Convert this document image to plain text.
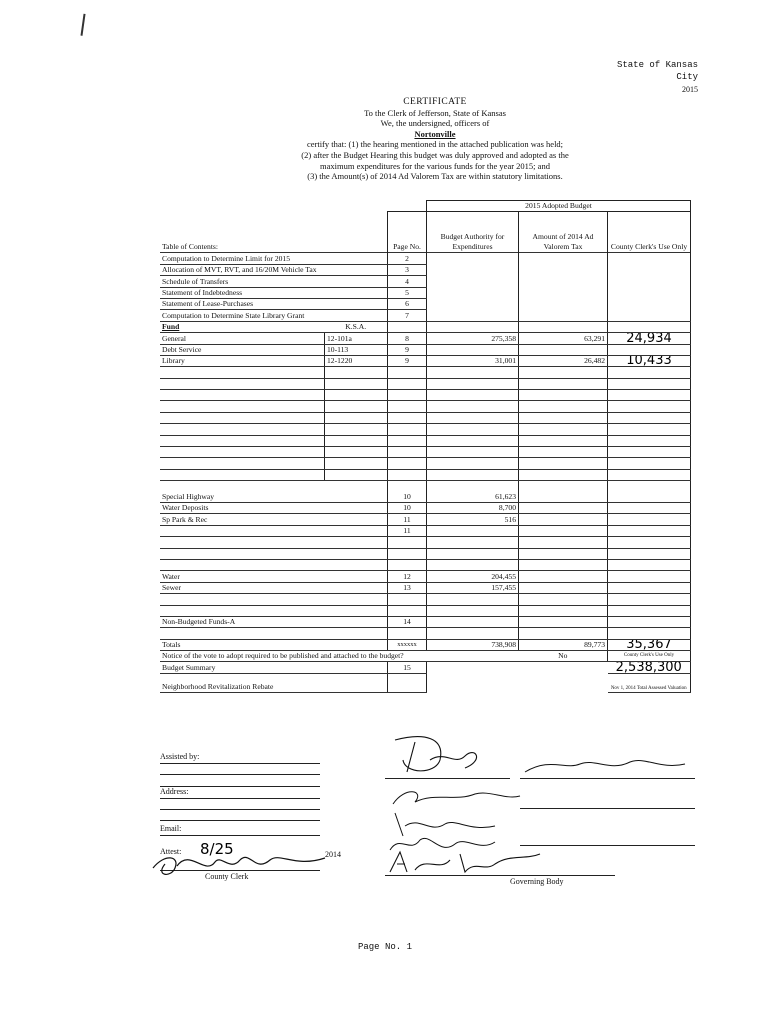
State of Kansas
City
2015
CERTIFICATE
To the Clerk of Jefferson, State of Kansas
We, the undersigned, officers of
Nortonville
certify that: (1) the hearing mentioned in the attached publication was held;
(2) after the Budget Hearing this budget was duly approved and adopted as the
maximum expenditures for the various funds for the year 2015; and
(3) the Amount(s) of 2014 Ad Valorem Tax are within statutory limitations.
			2015 Adopted Budget		
Table of Contents:		Page No.	Budget Authority for Expenditures	Amount of 2014 Ad Valorem Tax	County Clerk's Use Only
Computation to Determine Limit for 2015		2			
Allocation of MVT, RVT, and 16/20M Vehicle Tax		3			
Schedule of Transfers		4			
Statement of Indebtedness		5			
Statement of Lease-Purchases		6			
Computation to Determine State Library Grant		7			
Fund	K.S.A.				
General	12-101a	8	275,358	63,291	24,934
Debt Service	10-113	9			
Library	12-1220	9	31,001	26,482	10,433

Special Highway		10	61,623		
Water Deposits		10	8,700		
Sp Park & Rec		11	516		
		11			

Water		12	204,455		
Sewer		13	157,455		

Non-Budgeted Funds-A		14			

Totals		xxxxxx	738,908	89,773	35,367
Notice of the vote to adopt required to be published and attached to the budget?				No	County Clerk's Use Only
Budget Summary		15			2,538,300
Neighborhood Revitalization Rebate					Nov 1, 2014 Total Assessed Valuation
Assisted by:
Address:
Email:
Attest: 8/25	2014
County Clerk
Governing Body
Page No. 1
